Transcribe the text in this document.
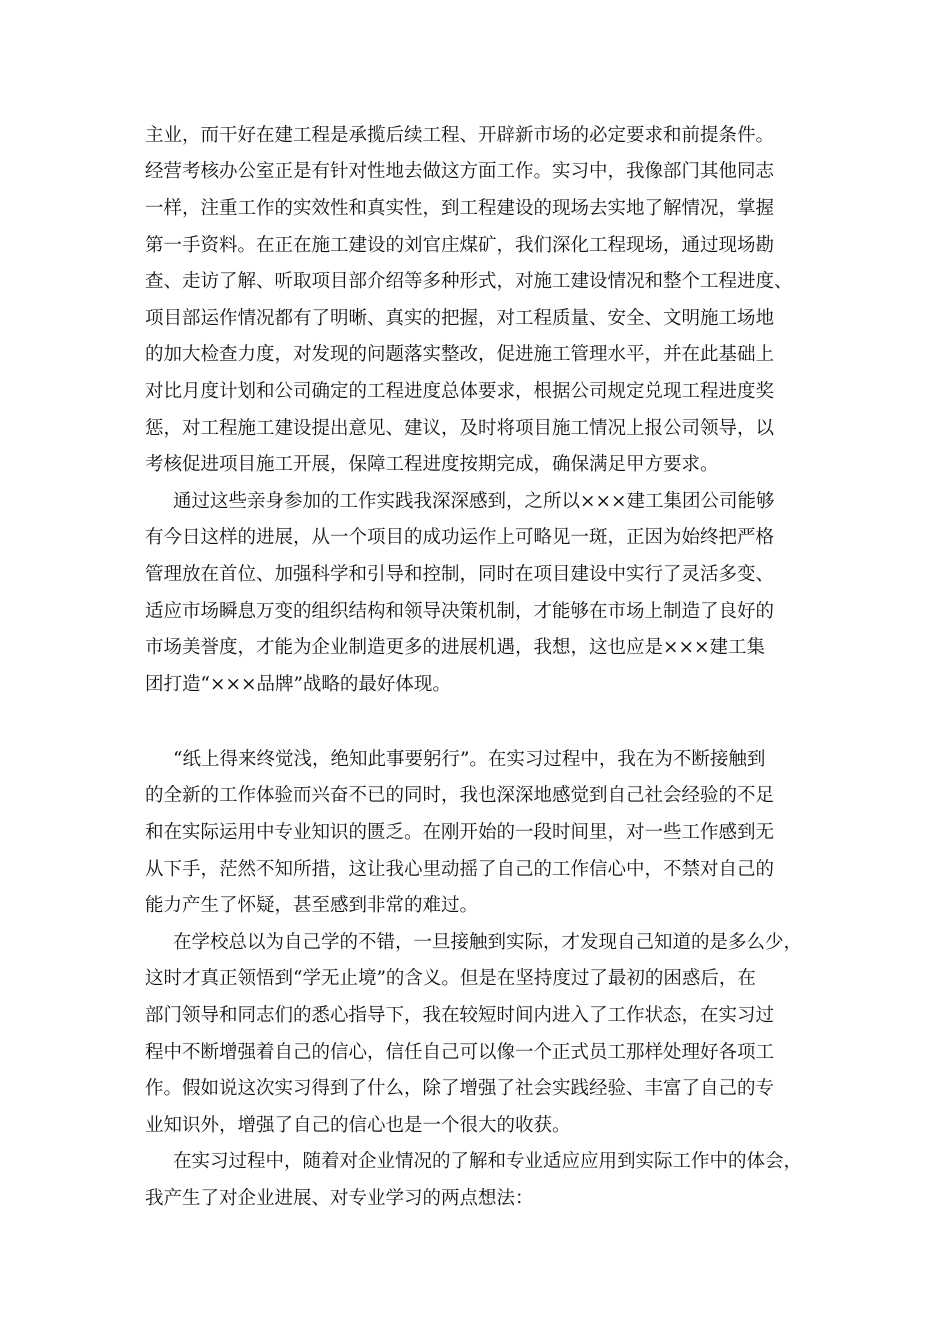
主业，而干好在建工程是承揽后续工程、开辟新市场的必定要求和前提条件。
经营考核办公室正是有针对性地去做这方面工作。实习中，我像部门其他同志
一样，注重工作的实效性和真实性，到工程建设的现场去实地了解情况，掌握
第一手资料。在正在施工建设的刘官庄煤矿，我们深化工程现场，通过现场勘
查、走访了解、听取项目部介绍等多种形式，对施工建设情况和整个工程进度、
项目部运作情况都有了明晰、真实的把握，对工程质量、安全、文明施工场地
的加大检查力度，对发现的问题落实整改，促进施工管理水平，并在此基础上
对比月度计划和公司确定的工程进度总体要求，根据公司规定兑现工程进度奖
惩，对工程施工建设提出意见、建议，及时将项目施工情况上报公司领导，以
考核促进项目施工开展，保障工程进度按期完成，确保满足甲方要求。
通过这些亲身参加的工作实践我深深感到，之所以×××建工集团公司能够
有今日这样的进展，从一个项目的成功运作上可略见一斑，正因为始终把严格
管理放在首位、加强科学和引导和控制，同时在项目建设中实行了灵活多变、
适应市场瞬息万变的组织结构和领导决策机制，才能够在市场上制造了良好的
市场美誉度，才能为企业制造更多的进展机遇，我想，这也应是×××建工集
团打造“×××品牌”战略的最好体现。
“纸上得来终觉浅，绝知此事要躬行”。在实习过程中，我在为不断接触到
的全新的工作体验而兴奋不已的同时，我也深深地感觉到自己社会经验的不足
和在实际运用中专业知识的匮乏。在刚开始的一段时间里，对一些工作感到无
从下手，茫然不知所措，这让我心里动摇了自己的工作信心中，不禁对自己的
能力产生了怀疑，甚至感到非常的难过。
在学校总以为自己学的不错，一旦接触到实际，才发现自己知道的是多么少，
这时才真正领悟到“学无止境”的含义。但是在坚持度过了最初的困惑后，在
部门领导和同志们的悉心指导下，我在较短时间内进入了工作状态，在实习过
程中不断增强着自己的信心，信任自己可以像一个正式员工那样处理好各项工
作。假如说这次实习得到了什么，除了增强了社会实践经验、丰富了自己的专
业知识外，增强了自己的信心也是一个很大的收获。
在实习过程中，随着对企业情况的了解和专业适应应用到实际工作中的体会，
我产生了对企业进展、对专业学习的两点想法：
